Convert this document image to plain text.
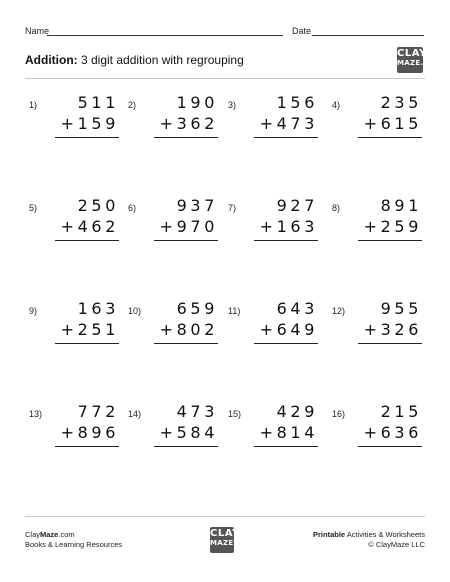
Name	Date
Addition: 3 digit addition with regrouping	CLAY
MAZE.com
1)	511
+159
2)	190
+362
3)	156
+473
4)	235
+615
5)	250
+462
6)	937
+970
7)	927
+163
8)	891
+259
9)	163
+251
10) 659
+802
11) 643
+649
12) 955
+326
13) 772
+896
14) 473
+584
15) 429
+814
16) 215
+636
ClayMaze.com
Books & Learning Resources
CLAY
MAZE.com
Printable Activities & Worksheets
© ClayMaze LLC
